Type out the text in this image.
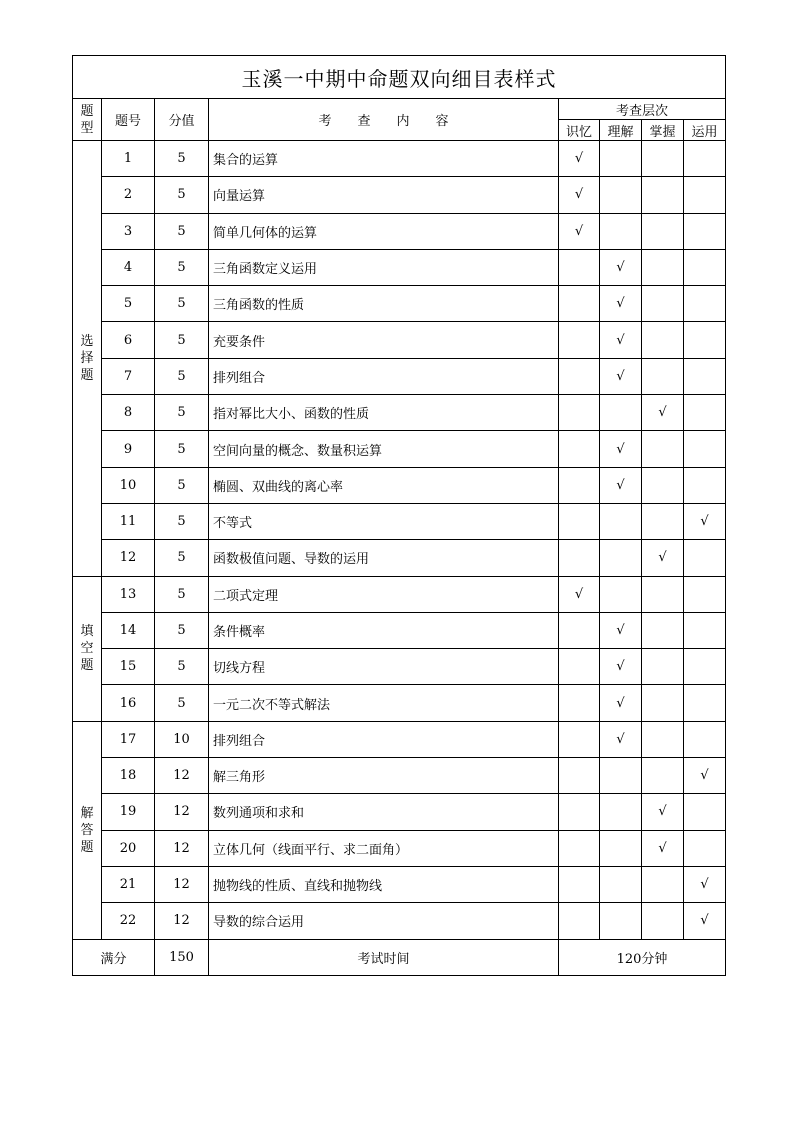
玉溪一中期中命题双向细目表样式							

题
型	题号	分值	考查内容	考查层次			
				识忆	理解	掌握	运用

选
择
题	1	5	集合的运算	√			
	2	5	向量运算	√			
	3	5	简单几何体的运算	√			
	4	5	三角函数定义运用		√		
	5	5	三角函数的性质		√		
	6	5	充要条件		√		
	7	5	排列组合		√		
	8	5	指对幂比大小、函数的性质			√	
	9	5	空间向量的概念、数量积运算		√		
	10	5	椭圆、双曲线的离心率		√		
	11	5	不等式				√
	12	5	函数极值问题、导数的运用			√	

填
空
题	13	5	二项式定理	√			
	14	5	条件概率		√		
	15	5	切线方程		√		
	16	5	一元二次不等式解法		√		

解
答
题	17	10	排列组合		√		
	18	12	解三角形				√
	19	12	数列通项和求和			√	
	20	12	立体几何（线面平行、求二面角）			√	
	21	12	抛物线的性质、直线和抛物线				√
	22	12	导数的综合运用				√
满分		150	考试时间	120分钟			
